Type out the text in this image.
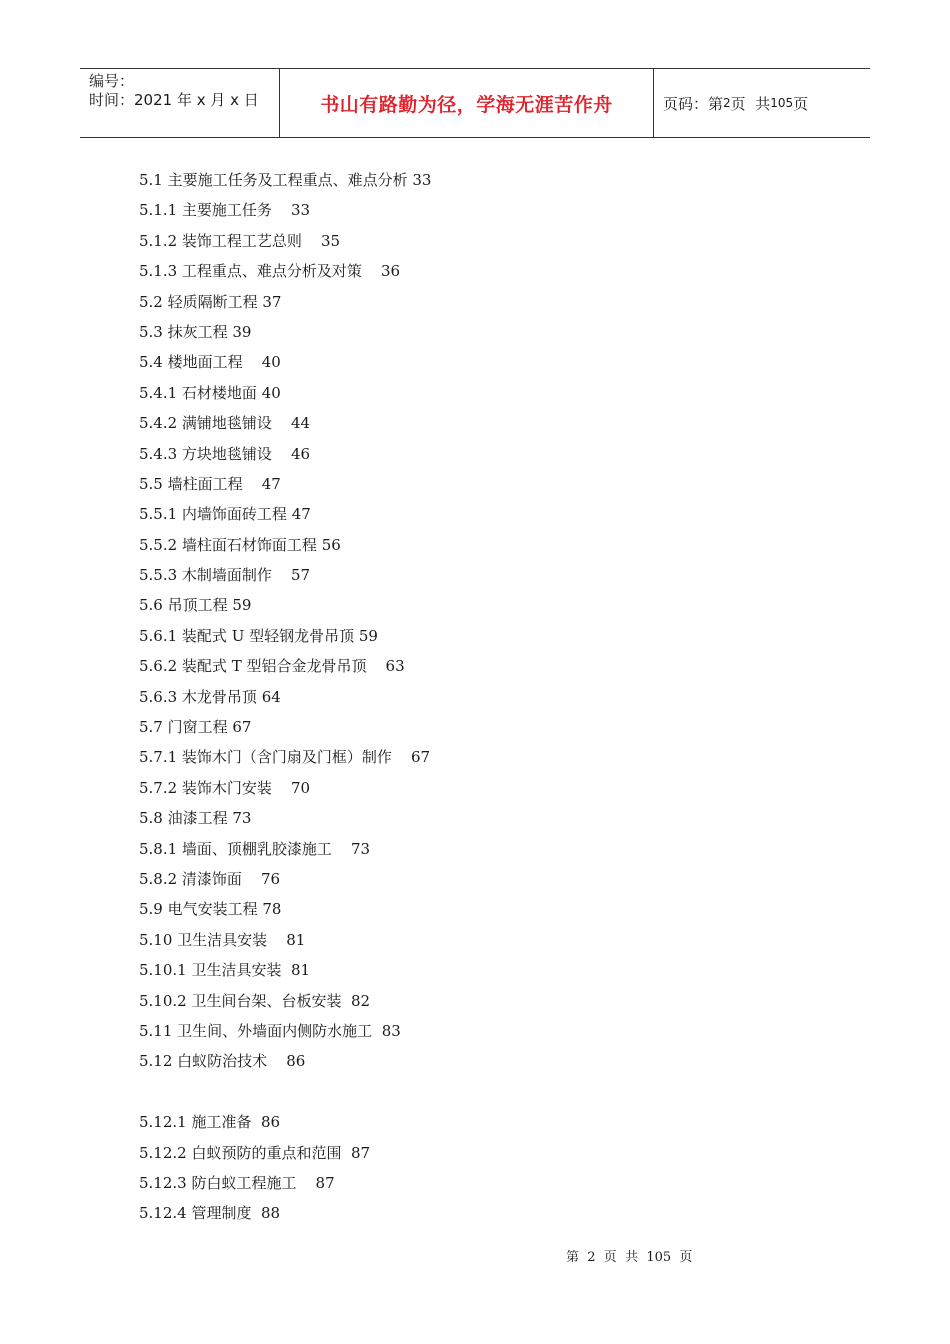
编号：
时间：2021 年 x 月 x 日	书山有路勤为径，学海无涯苦作舟	页码：第 2 页  共 105 页
5.1 主要施工任务及工程重点、难点分析 33
5.1.1 主要施工任务    33
5.1.2 装饰工程工艺总则    35
5.1.3 工程重点、难点分析及对策    36
5.2 轻质隔断工程 37
5.3 抹灰工程 39
5.4 楼地面工程    40
5.4.1 石材楼地面 40
5.4.2 满铺地毯铺设    44
5.4.3 方块地毯铺设    46
5.5 墙柱面工程    47
5.5.1 内墙饰面砖工程 47
5.5.2 墙柱面石材饰面工程 56
5.5.3 木制墙面制作    57
5.6 吊顶工程 59
5.6.1 装配式 U 型轻钢龙骨吊顶 59
5.6.2 装配式 T 型铝合金龙骨吊顶    63
5.6.3 木龙骨吊顶 64
5.7 门窗工程 67
5.7.1 装饰木门（含门扇及门框）制作    67
5.7.2 装饰木门安装    70
5.8 油漆工程 73
5.8.1 墙面、顶棚乳胶漆施工    73
5.8.2 清漆饰面    76
5.9 电气安装工程 78
5.10 卫生洁具安装    81
5.10.1 卫生洁具安装  81
5.10.2 卫生间台架、台板安装  82
5.11 卫生间、外墙面内侧防水施工  83
5.12 白蚁防治技术    86
5.12.1 施工准备  86
5.12.2 白蚁预防的重点和范围  87
5.12.3 防白蚁工程施工    87
5.12.4 管理制度  88
第  2  页  共  105  页
